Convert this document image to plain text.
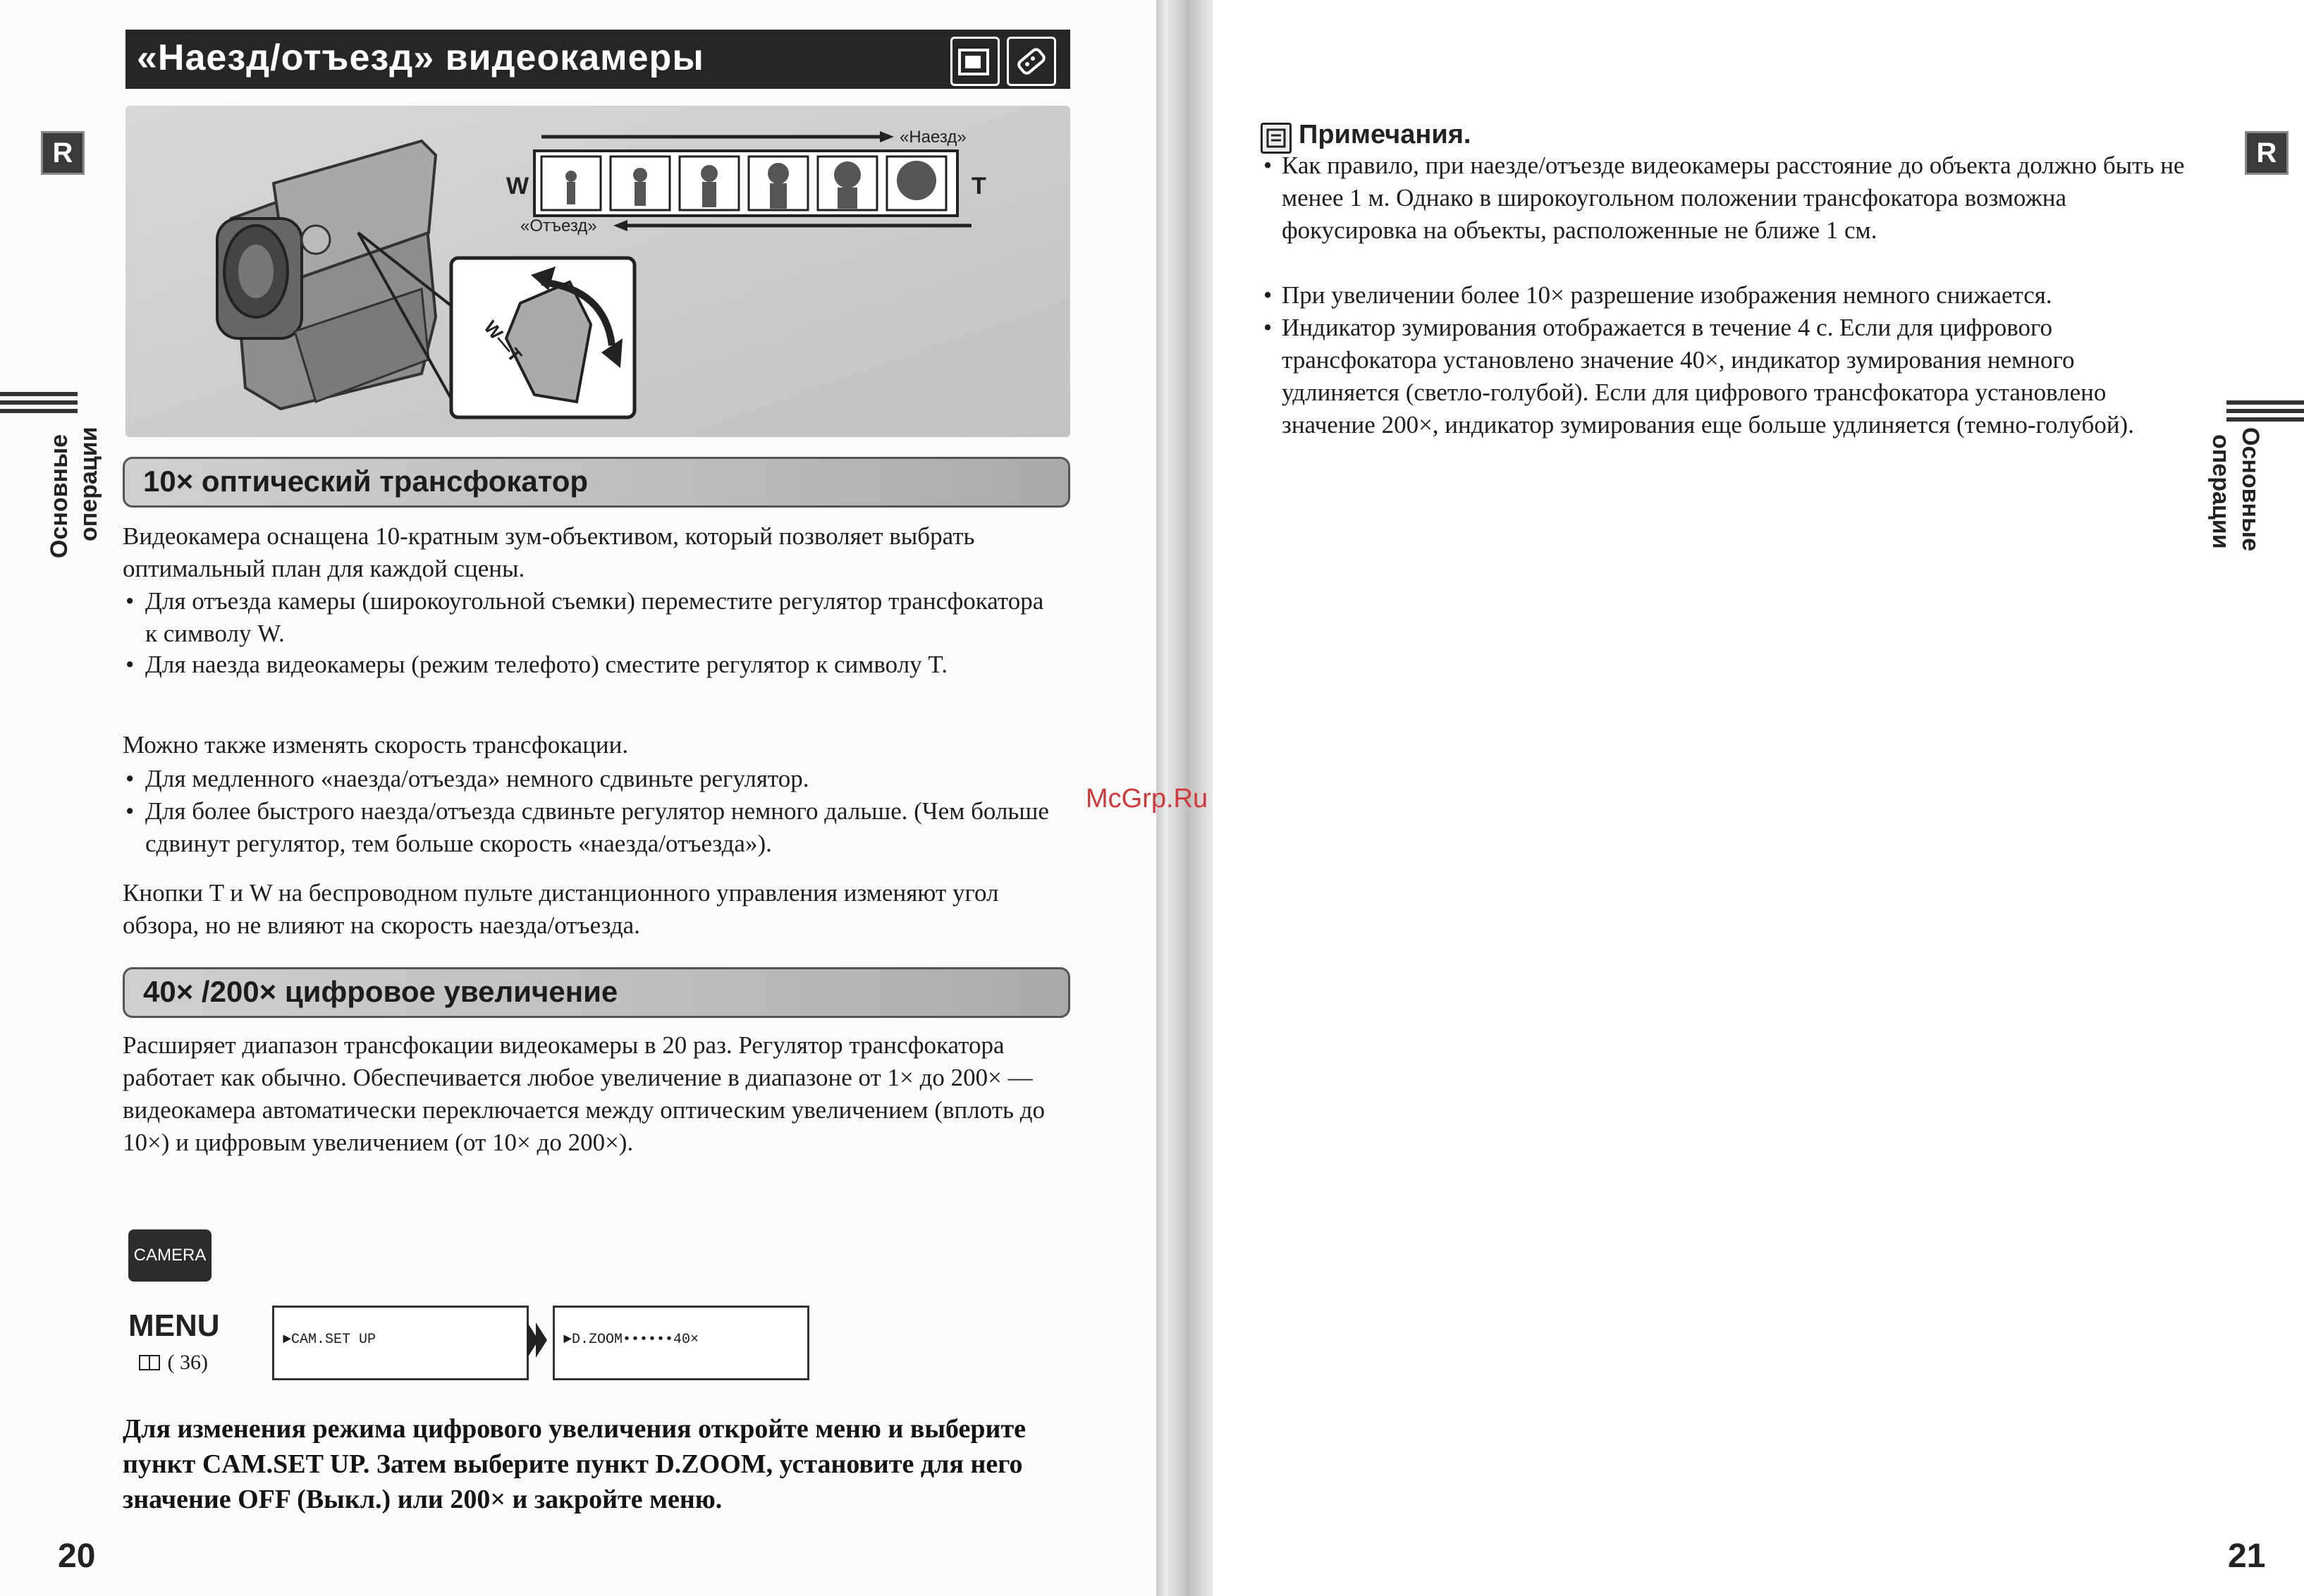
«Наезд/отъезд» видеокамеры
R
Основные операции
W—T
«Наезд»
«Отъезд»
W	T
10× оптический трансфокатор
Видеокамера оснащена 10-кратным зум-объективом, который позволяет выбрать оптимальный план для каждой сцены.
• Для отъезда камеры (широкоугольной съемки) переместите регулятор трансфокатора к символу W.
• Для наезда видеокамеры (режим телефото) сместите регулятор к символу T.
Можно также изменять скорость трансфокации.
• Для медленного «наезда/отъезда» немного сдвиньте регулятор.
• Для более быстрого наезда/отъезда сдвиньте регулятор немного дальше. (Чем больше сдвинут регулятор, тем больше скорость «наезда/отъезда»).
Кнопки T и W на беспроводном пульте дистанционного управления изменяют угол обзора, но не влияют на скорость наезда/отъезда.
40× /200× цифровое увеличение
Расширяет диапазон трансфокации видеокамеры в 20 раз. Регулятор трансфокатора работает как обычно. Обеспечивается любое увеличение в диапазоне от 1× до 200× — видеокамера автоматически переключается между оптическим увеличением (вплоть до 10×) и цифровым увеличением (от 10× до 200×).
CAMERA
MENU
( 36)
►CAM.SET UP	►D.ZOOM••••••40×
Для изменения режима цифрового увеличения откройте меню и выберите пункт CAM.SET UP. Затем выберите пункт D.ZOOM, установите для него значение OFF (Выкл.) или 200× и закройте меню.
20
McGrp.Ru
Примечания.
• Как правило, при наезде/отъезде видеокамеры расстояние до объекта должно быть не менее 1 м. Однако в широкоугольном положении трансфокатора возможна фокусировка на объекты, расположенные не ближе 1 см.
• При увеличении более 10× разрешение изображения немного снижается.
• Индикатор зумирования отображается в течение 4 с. Если для цифрового трансфокатора установлено значение 40×, индикатор зумирования немного удлиняется (светло-голубой). Если для цифрового трансфокатора установлено значение 200×, индикатор зумирования еще больше удлиняется (темно-голубой).
R
Основные
операции
21
